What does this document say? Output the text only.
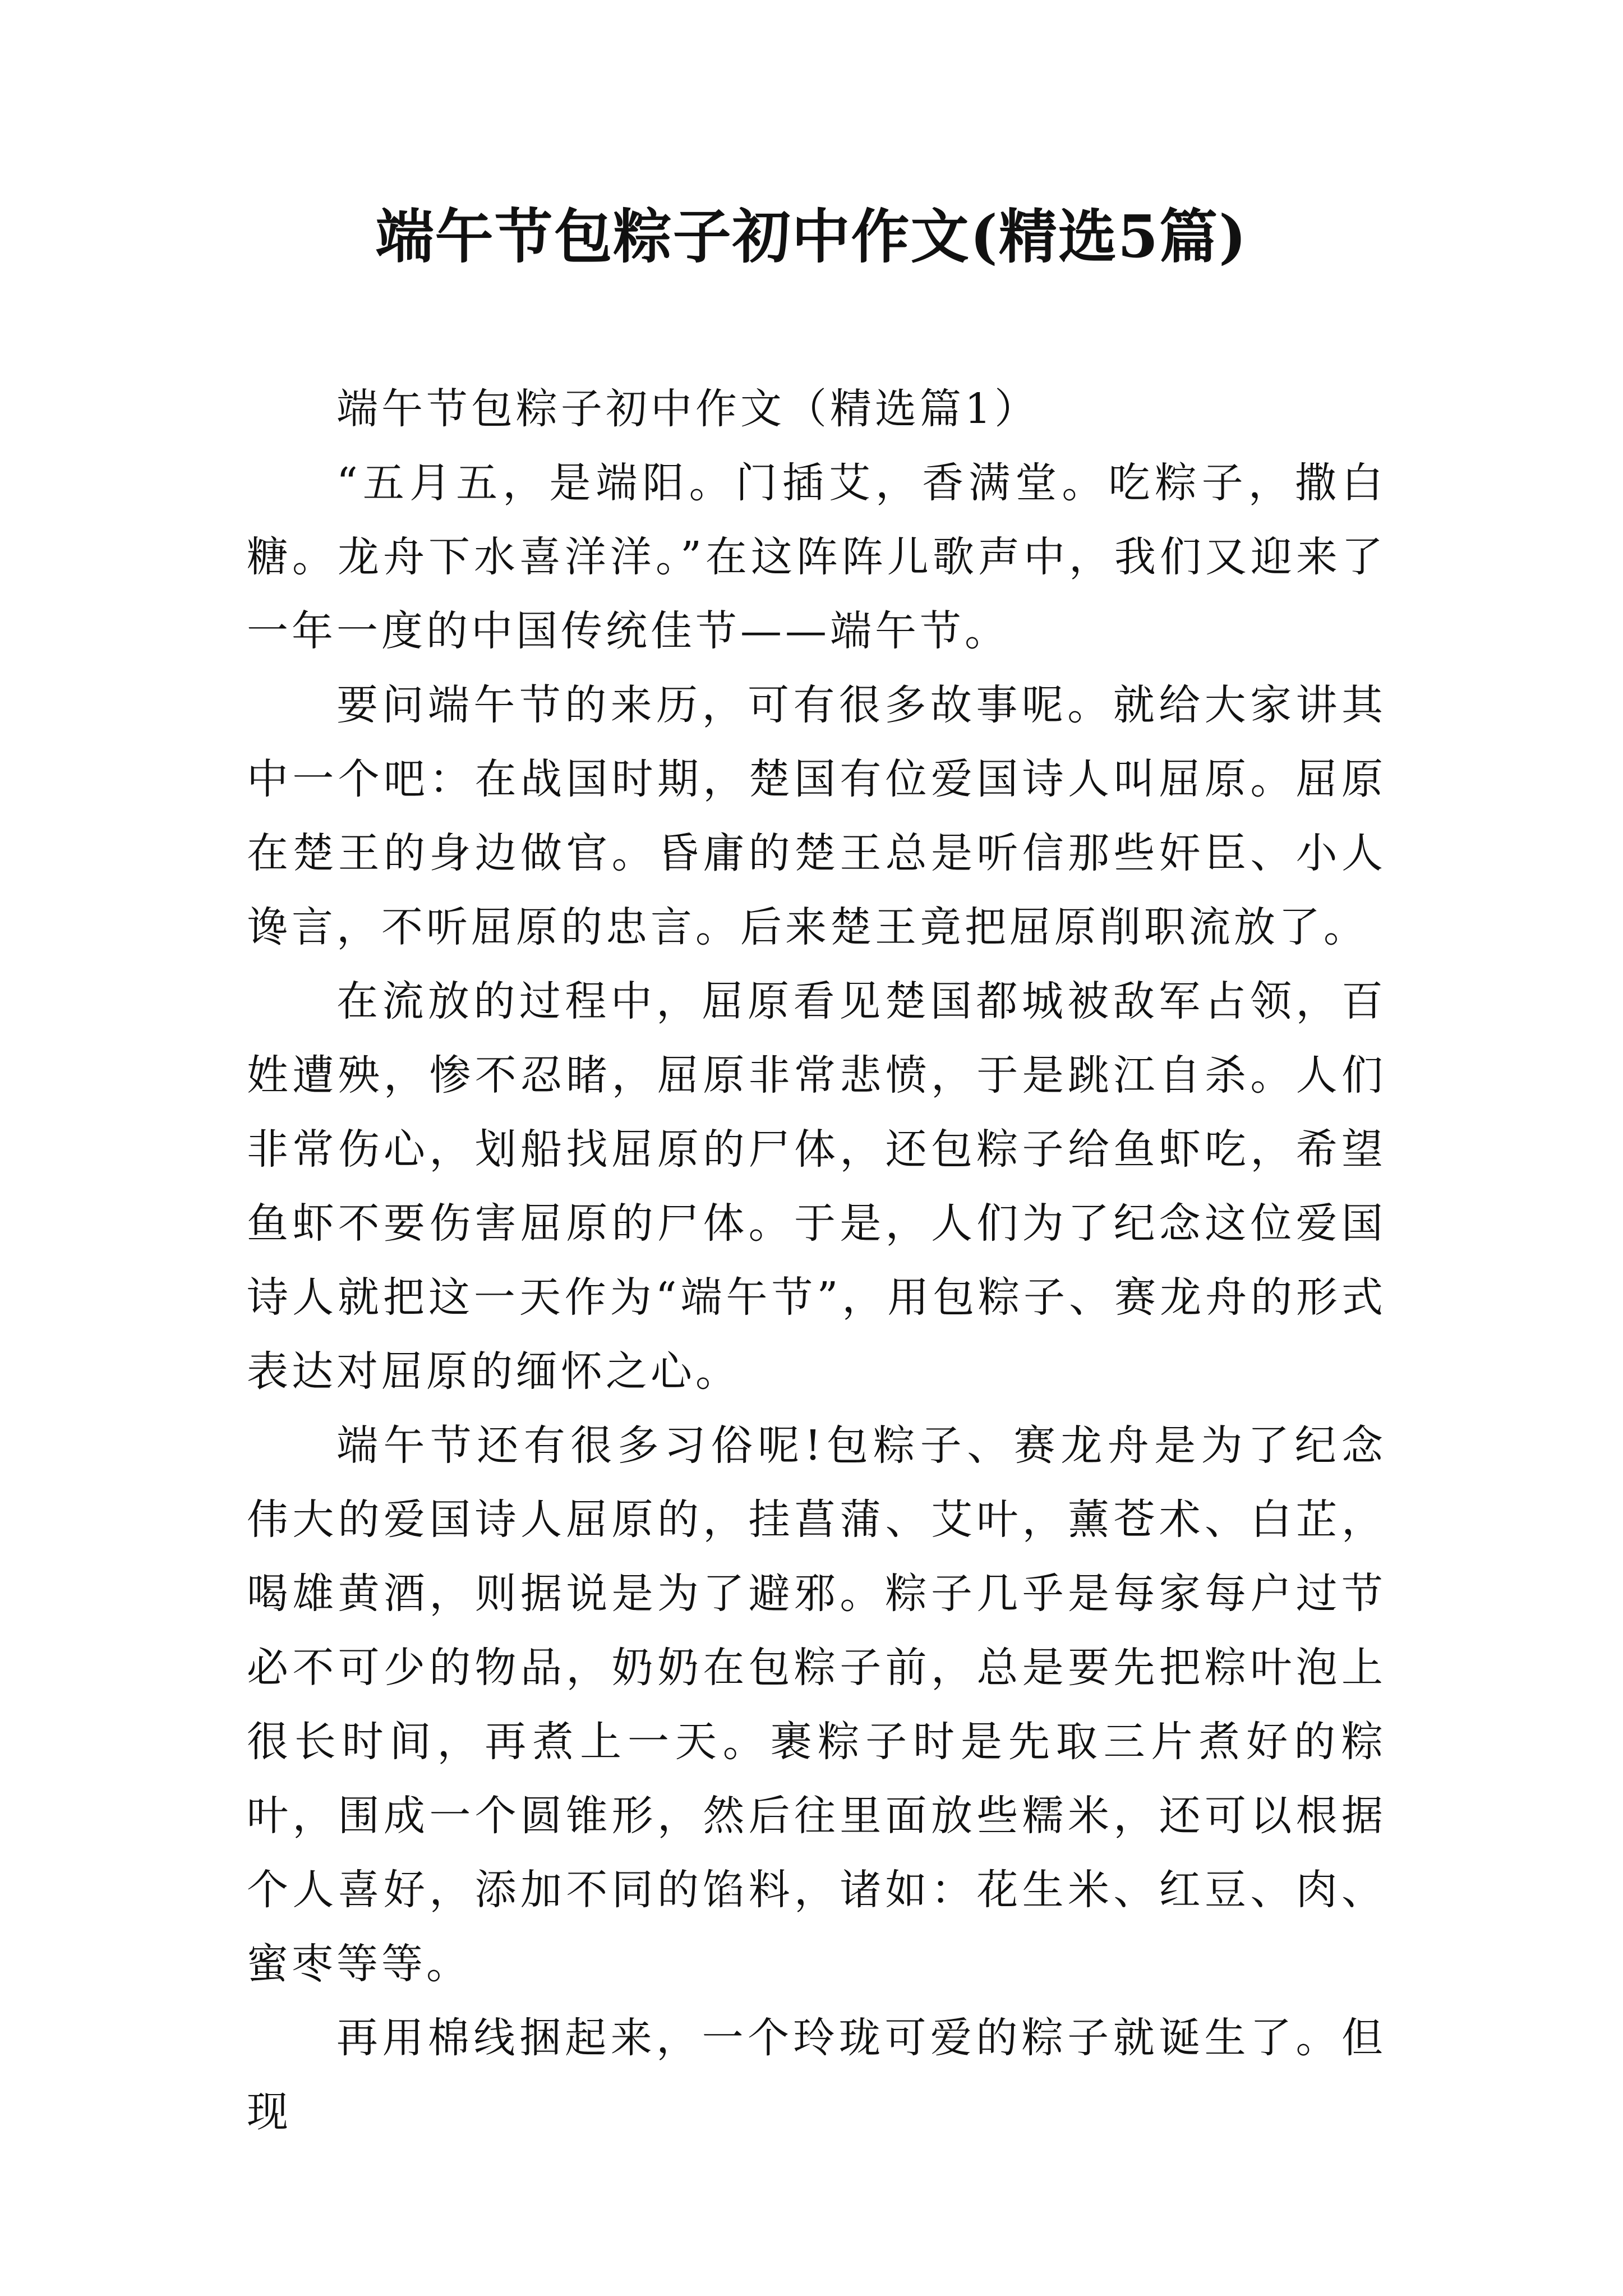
端午节包粽子初中作文(精选5篇)

端午节包粽子初中作文（精选篇1）

“五月五，是端阳。门插艾，香满堂。吃粽子，撒白糖。龙舟下水喜洋洋。”在这阵阵儿歌声中，我们又迎来了一年一度的中国传统佳节——端午节。

要问端午节的来历，可有很多故事呢。就给大家讲其中一个吧：在战国时期，楚国有位爱国诗人叫屈原。屈原在楚王的身边做官。昏庸的楚王总是听信那些奸臣、小人谗言，不听屈原的忠言。后来楚王竟把屈原削职流放了。

在流放的过程中，屈原看见楚国都城被敌军占领，百姓遭殃，惨不忍睹，屈原非常悲愤，于是跳江自杀。人们非常伤心，划船找屈原的尸体，还包粽子给鱼虾吃，希望鱼虾不要伤害屈原的尸体。于是，人们为了纪念这位爱国诗人就把这一天作为“端午节”，用包粽子、赛龙舟的形式表达对屈原的缅怀之心。

端午节还有很多习俗呢!包粽子、赛龙舟是为了纪念伟大的爱国诗人屈原的，挂菖蒲、艾叶，薰苍术、白芷，喝雄黄酒，则据说是为了避邪。粽子几乎是每家每户过节必不可少的物品，奶奶在包粽子前，总是要先把粽叶泡上很长时间，再煮上一天。裹粽子时是先取三片煮好的粽叶，围成一个圆锥形，然后往里面放些糯米，还可以根据个人喜好，添加不同的馅料，诸如：花生米、红豆、肉、蜜枣等等。

再用棉线捆起来，一个玲珑可爱的粽子就诞生了。但现
